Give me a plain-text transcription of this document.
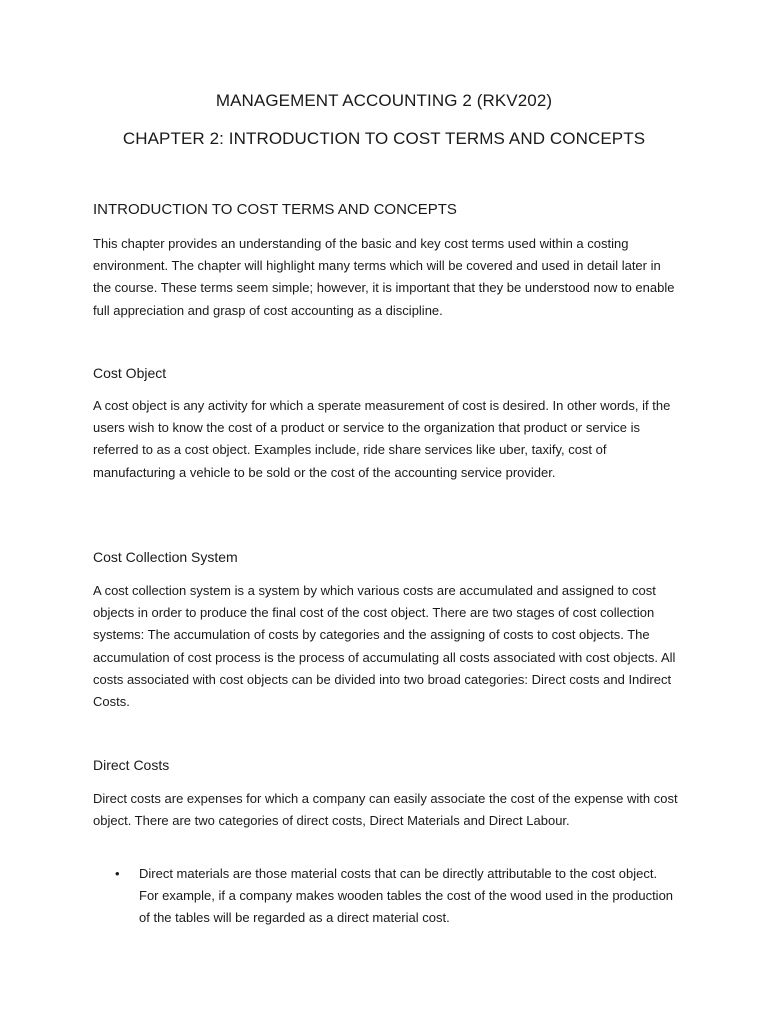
MANAGEMENT ACCOUNTING 2 (RKV202)
CHAPTER 2: INTRODUCTION TO COST TERMS AND CONCEPTS
INTRODUCTION TO COST TERMS AND CONCEPTS

This chapter provides an understanding of the basic and key cost terms used within a costing environment. The chapter will highlight many terms which will be covered and used in detail later in the course. These terms seem simple; however, it is important that they be understood now to enable full appreciation and grasp of cost accounting as a discipline.

Cost Object

A cost object is any activity for which a sperate measurement of cost is desired. In other words, if the users wish to know the cost of a product or service to the organization that product or service is referred to as a cost object. Examples include, ride share services like uber, taxify, cost of manufacturing a vehicle to be sold or the cost of the accounting service provider.

Cost Collection System

A cost collection system is a system by which various costs are accumulated and assigned to cost objects in order to produce the final cost of the cost object. There are two stages of cost collection systems: The accumulation of costs by categories and the assigning of costs to cost objects. The accumulation of cost process is the process of accumulating all costs associated with cost objects. All costs associated with cost objects can be divided into two broad categories: Direct costs and Indirect Costs.

Direct Costs

Direct costs are expenses for which a company can easily associate the cost of the expense with cost object. There are two categories of direct costs, Direct Materials and Direct Labour.

• Direct materials are those material costs that can be directly attributable to the cost object. For example, if a company makes wooden tables the cost of the wood used in the production of the tables will be regarded as a direct material cost.
